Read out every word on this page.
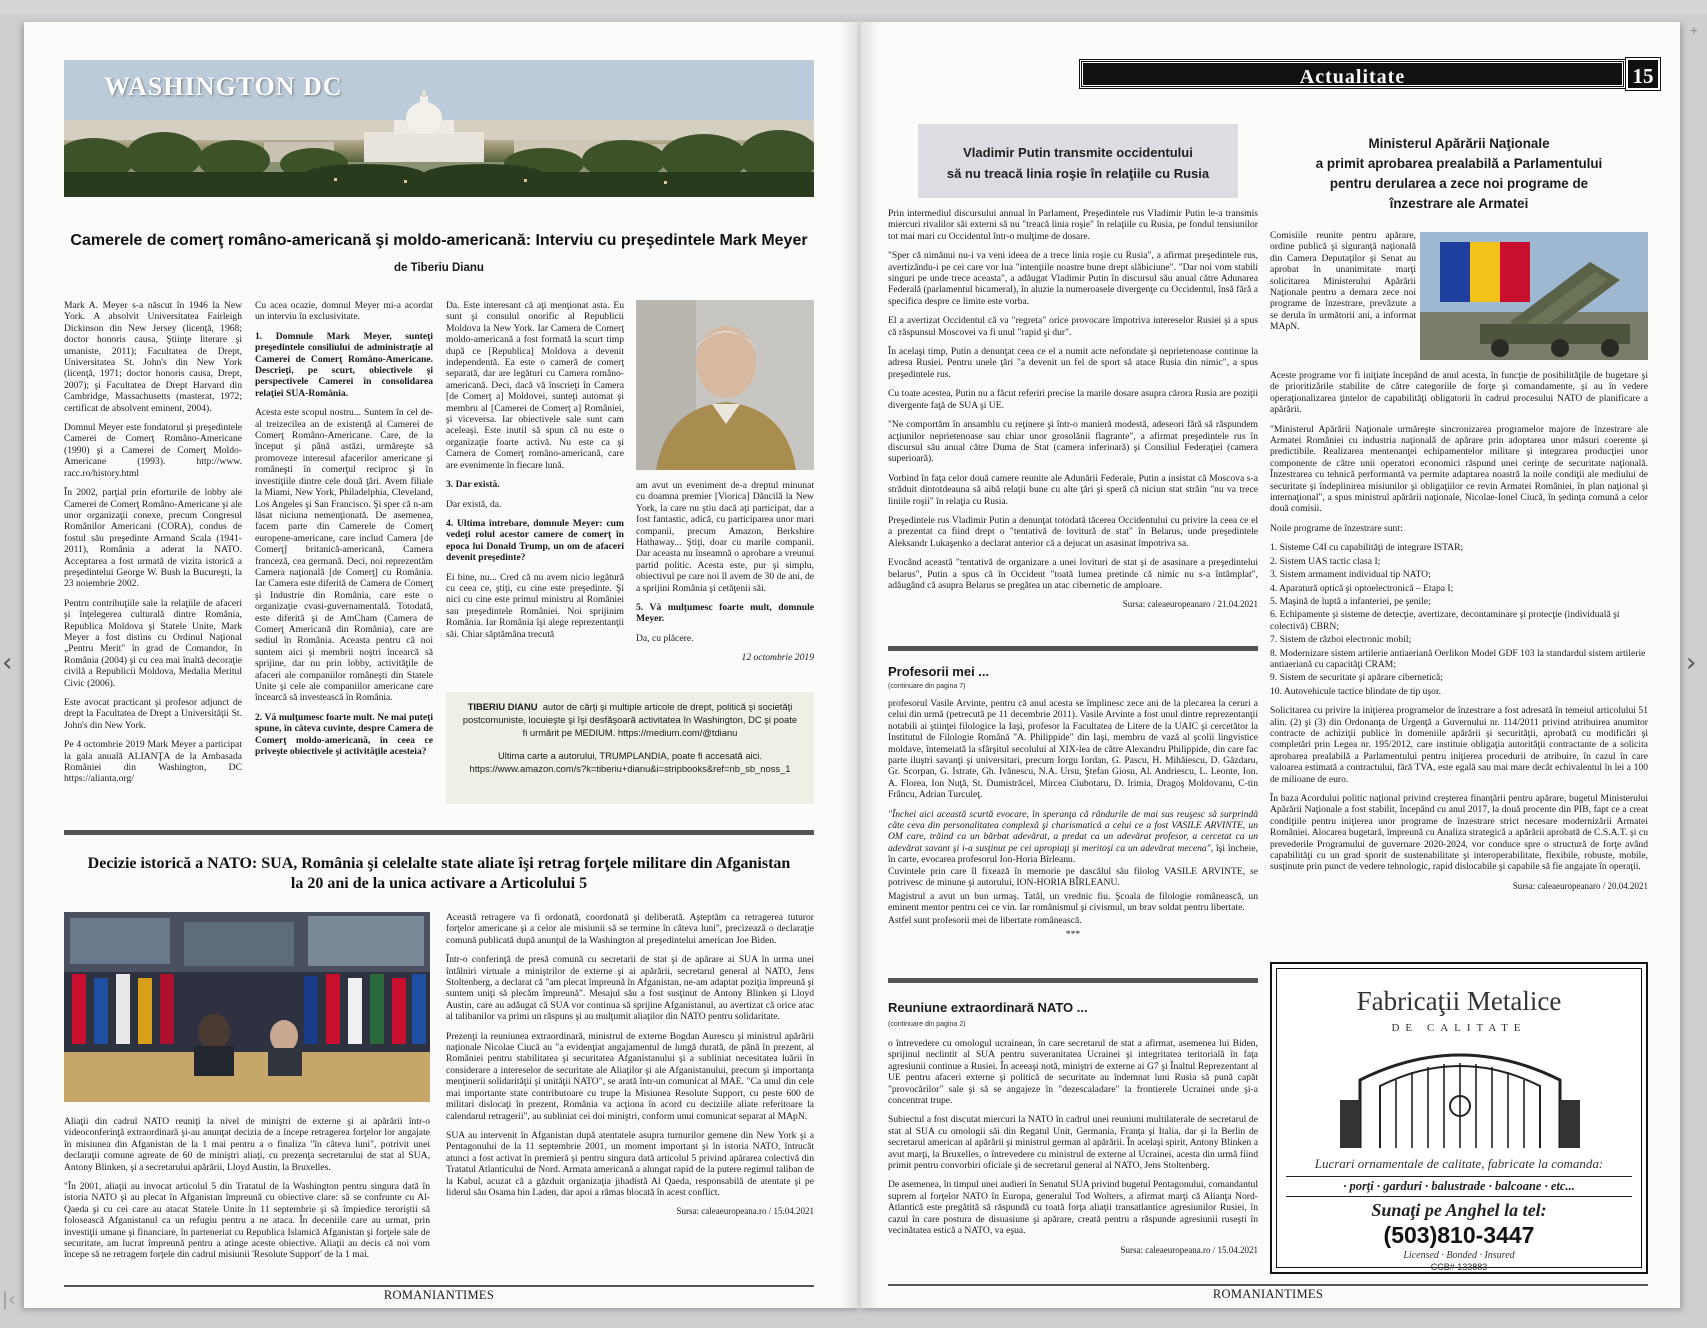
+
WASHINGTON DC
Camerele de comerţ româno-americană şi moldo-americană: Interviu cu preşedintele Mark Meyer
de Tiberiu Dianu

Mark A. Meyer s-a născut în 1946 la New York. A absolvit Universitatea Fairleigh Dickinson din New Jersey (licenţă, 1968; doctor honoris causa, Ştiinţe literare şi umaniste, 2011); Facultatea de Drept, Universitatea St. John's din New York (licenţă, 1971; doctor honoris causa, Drept, 2007); şi Facultatea de Drept Harvard din Cambridge, Massachusetts (masterat, 1972; certificat de absolvent eminent, 2004).

Domnul Meyer este fondatorul şi preşedintele Camerei de Comerţ Româno-Americane (1990) şi a Camerei de Comerţ Moldo-Americane (1993). http://www. racc.ro/history.html

În 2002, parţial prin eforturile de lobby ale Camerei de Comerţ Româno-Americane şi ale unor organizaţii conexe, precum Congresul Românilor Americani (CORA), condus de fostul său preşedinte Armand Scala (1941-2011), România a aderat la NATO. Acceptarea a fost urmată de vizita istorică a preşedintelui George W. Bush la Bucureşti, la 23 noiembrie 2002.

Pentru contribuţiile sale la relaţiile de afaceri şi înţelegerea culturală dintre România, Republica Moldova şi Statele Unite, Mark Meyer a fost distins cu Ordinul Naţional „Pentru Merit" în grad de Comandor, în România (2004) şi cu cea mai înaltă decoraţie civilă a Republicii Moldova, Medalia Meritul Civic (2006).

Este avocat practicant şi profesor adjunct de drept la Facultatea de Drept a Universităţii St. John's din New York.

Pe 4 octombrie 2019 Mark Meyer a participat la gala anuală ALIANŢA de la Ambasada României din Washington, DC https://alianta.org/

Cu acea ocazie, domnul Meyer mi-a acordat un interviu în exclusivitate.

1. Domnule Mark Meyer, sunteţi preşedintele consiliului de administraţie al Camerei de Comerţ Româno-Americane. Descrieţi, pe scurt, obiectivele şi perspectivele Camerei în consolidarea relaţiei SUA-România.

Acesta este scopul nostru... Suntem în cel de-al treizecilea an de existenţă al Camerei de Comerţ Româno-Americane. Care, de la început şi până astăzi, urmăreşte să promoveze interesul afacerilor americane şi româneşti în comerţul reciproc şi în investiţiile dintre cele două ţări. Avem filiale la Miami, New York, Philadelphia, Cleveland, Los Angeles şi San Francisco. Şi sper că n-am lăsat niciuna nemenţionată. De asemenea, facem parte din Camerele de Comerţ europene-americane, care includ Camera [de Comerţ] britanică-americană, Camera franceză, cea germană. Deci, noi reprezentăm Camera naţională [de Comerţ] cu România. Iar Camera este diferită de Camera de Comerţ şi Industrie din România, care este o organizaţie cvasi-guvernamentală. Totodată, este diferită şi de AmCham (Camera de Comerţ Americană din România), care are sediul în România. Aceasta pentru că noi suntem aici şi membrii noştri încearcă să sprijine, dar nu prin lobby, activităţile de afaceri ale companiilor româneşti din Statele Unite şi cele ale companiilor americane care încearcă să investească în România.

2. Vă mulţumesc foarte mult. Ne mai puteţi spune, în câteva cuvinte, despre Camera de Comerţ moldo-americană, în ceea ce priveşte obiectivele şi activităţile acesteia?

Da. Este interesant că aţi menţionat asta. Eu sunt şi consulul onorific al Republicii Moldova la New York. Iar Camera de Comerţ moldo-americană a fost formată la scurt timp după ce [Republica] Moldova a devenit independentă. Ea este o cameră de comerţ separată, dar are legături cu Camera româno-americană. Deci, dacă vă înscrieţi în Camera [de Comerţ a] Moldovei, sunteţi automat şi membru al [Camerei de Comerţ a] României, şi viceversa. Iar obiectivele sale sunt cam aceleaşi. Este inutil să spun că nu este o organizaţie foarte activă. Nu este ca şi Camera de Comerţ româno-americană, care are evenimente în fiecare lună.

3. Dar există.

Dar există, da.

4. Ultima întrebare, domnule Meyer: cum vedeţi rolul acestor camere de comerţ în epoca lui Donald Trump, un om de afaceri devenit preşedinte?

Ei bine, nu... Cred că nu avem nicio legătură cu ceea ce, ştiţi, cu cine este preşedinte. Şi nici cu cine este primul ministru al României sau preşedintele României. Noi sprijinim România. Iar România îşi alege reprezentanţii săi. Chiar săptămâna trecută

am avut un eveniment de-a dreptul minunat cu doamna premier [Viorica] Dăncilă la New York, la care nu ştiu dacă aţi participat, dar a fost fantastic, adică, cu participarea unor mari companii, precum Amazon, Berkshire Hathaway... Ştiţi, doar cu marile companii. Dar aceasta nu înseamnă o aprobare a vreunui partid politic. Acesta este, pur şi simplu, obiectivul pe care noi îl avem de 30 de ani, de a sprijini România şi cetăţenii săi.

5. Vă mulţumesc foarte mult, domnule Meyer.

Da, cu plăcere.

12 octombrie 2019

TIBERIU DIANU autor de cărţi şi multiple articole de drept, politică şi societăţi postcomuniste, locuieşte şi îşi desfăşoară activitatea în Washington, DC şi poate fi urmărit pe MEDIUM. https://medium.com/@tdianu
Ultima carte a autorului, TRUMPLANDIA, poate fi accesată aici. https://www.amazon.com/s?k=tiberiu+dianu&i=stripbooks&ref=nb_sb_noss_1
Decizie istorică a NATO: SUA, România şi celelalte state aliate îşi retrag forţele militare din Afganistan
la 20 ani de la unica activare a Articolului 5

Aliaţii din cadrul NATO reuniţi la nivel de miniştri de externe şi ai apărării într-o videoconferinţă extraordinară şi-au anunţat decizia de a începe retragerea forţelor lor angajate în misiunea din Afganistan de la 1 mai pentru a o finaliza "în câteva luni", potrivit unei declaraţii comune agreate de 60 de miniştri aliaţi, cu prezenţa secretarului de stat al SUA, Antony Blinken, şi a secretarului apărării, Lloyd Austin, la Bruxelles.

"În 2001, aliaţii au invocat articolul 5 din Tratatul de la Washington pentru singura dată în istoria NATO şi au plecat în Afganistan împreună cu obiective clare: să se confrunte cu Al-Qaeda şi cu cei care au atacat Statele Unite în 11 septembrie şi să împiedice teroriştii să folosească Afganistanul ca un refugiu pentru a ne ataca. În deceniile care au urmat, prin investiţii umane şi financiare, în parteneriat cu Republica Islamică Afganistan şi forţele sale de securitate, am lucrat împreună pentru a atinge aceste obiective. Aliaţii au decis că noi vom începe să ne retragem forţele din cadrul misiunii 'Resolute Support' de la 1 mai.

Această retragere va fi ordonată, coordonată şi deliberată. Aşteptăm ca retragerea tuturor forţelor americane şi a celor ale misiunii să se termine în câteva luni", precizează o declaraţie comună publicată după anunţul de la Washington al preşedintelui american Joe Biden.

Într-o conferinţă de presă comună cu secretarii de stat şi de apărare ai SUA în urma unei întâlniri virtuale a miniştrilor de externe şi ai apărării, secretarul general al NATO, Jens Stoltenberg, a declarat că "am plecat împreună în Afganistan, ne-am adaptat poziţia împreună şi suntem uniţi să plecăm împreună". Mesajul său a fost susţinut de Antony Blinken şi Lloyd Austin, care au adăugat că SUA vor continua să sprijine Afganistanul, au avertizat că orice atac al talibanilor va primi un răspuns şi au mulţumit aliaţilor din NATO pentru solidaritate.

Prezenţi la reuniunea extraordinară, ministrul de externe Bogdan Aurescu şi ministrul apărării naţionale Nicolae Ciucă au "a evidenţiat angajamentul de lungă durată, de până în prezent, al României pentru stabilitatea şi securitatea Afganistanului şi a subliniat necesitatea luării în considerare a intereselor de securitate ale Aliaţilor şi ale Afganistanului, precum şi importanţa menţinerii solidarităţii şi unităţii NATO", se arată într-un comunicat al MAE. "Ca unul din cele mai importante state contributoare cu trupe la Misiunea Resolute Support, cu peste 600 de militari dislocaţi în prezent, România va acţiona în acord cu deciziile aliate referitoare la calendarul retragerii", au subliniat cei doi miniştri, conform unui comunicat separat al MApN.

SUA au intervenit în Afganistan după atentatele asupra turnurilor gemene din New York şi a Pentagonului de la 11 septembrie 2001, un moment important şi în istoria NATO, întrucât atunci a fost activat în premieră şi pentru singura dată articolul 5 privind apărarea colectivă din Tratatul Atlanticului de Nord. Armata americană a alungat rapid de la putere regimul taliban de la Kabul, acuzat că a găzduit organizaţia jihadistă Al Qaeda, responsabilă de atentate şi pe liderul său Osama bin Laden, dar apoi a rămas blocată în acest conflict.

Sursa: caleaeuropeana.ro / 15.04.2021

ROMANIANTIMES
Actualitate	15
Vladimir Putin transmite occidentului
să nu treacă linia roşie în relaţiile cu Rusia

Prin intermediul discursului annual în Parlament, Preşedintele rus Vladimir Putin le-a transmis miercuri rivalilor săi externi să nu "treacă linia roşie" în relaţiile cu Rusia, pe fondul tensiunilor tot mai mari cu Occidentul într-o mulţime de dosare.

"Sper că nimănui nu-i va veni ideea de a trece linia roşie cu Rusia", a afirmat preşedintele rus, avertizându-i pe cei care vor lua "intenţiile noastre bune drept slăbiciune". "Dar noi vom stabili singuri pe unde trece aceasta", a adăugat Vladimir Putin în discursul său anual către Adunarea Federală (parlamentul bicameral), în aluzie la numeroasele divergenţe cu Occidentul, însă fără a specifica despre ce limite este vorba.

El a avertizat Occidentul că va "regreta" orice provocare împotriva intereselor Rusiei şi a spus că răspunsul Moscovei va fi unul "rapid şi dur".

În acelaşi timp, Putin a denunţat ceea ce el a numit acte nefondate şi neprietenoase continue la adresa Rusiei. Pentru unele ţări "a devenit un fel de sport să atace Rusia din nimic", a spus preşedintele rus.

Cu toate acestea, Putin nu a făcut referiri precise la marile dosare asupra cărora Rusia are poziţii divergente faţă de SUA şi UE.

"Ne comportăm în ansamblu cu reţinere şi într-o manieră modestă, adeseori fără să răspundem acţiunilor neprietenoase sau chiar unor grosolănii flagrante", a afirmat preşedintele rus în discursul său anual către Duma de Stat (camera inferioară) şi Consiliul Federaţiei (camera superioară).

Vorbind în faţa celor două camere reunite ale Adunării Federale, Putin a insistat că Moscova s-a străduit dintotdeauna să aibă relaţii bune cu alte ţări şi speră că niciun stat străin "nu va trece liniile roşii" în relaţia cu Rusia.

Preşedintele rus Vladimir Putin a denunţat totodată tăcerea Occidentului cu privire la ceea ce el a prezentat ca fiind drept o "tentativă de lovitură de stat" în Belarus, unde preşedintele Aleksandr Lukaşenko a declarat anterior că a dejucat un asasinat împotriva sa.

Evocând această "tentativă de organizare a unei lovituri de stat şi de asasinare a preşedintelui belarus", Putin a spus că în Occident "toată lumea pretinde că nimic nu s-a întâmplat", adăugând că asupra Belarus se pregătea un atac cibernetic de amploare.

Sursa: caleaeuropeanaro / 21.04.2021

Profesorii mei ...
(continuare din pagina 7)

profesorul Vasile Arvinte, pentru că anul acesta se împlinesc zece ani de la plecarea la ceruri a celui din urmă (petrecută pe 11 decembrie 2011). Vasile Arvinte a fost unul dintre reprezentanţii notabili ai ştiinţei filologice la Iaşi, profesor la Facultatea de Litere de la UAIC şi cercetător la Institutul de Filologie Română "A. Philippide" din Iaşi, membru de vază al şcolii lingvistice moldave, întemeiată la sfârşitul secolului al XIX-lea de către Alexandru Philippide, din care fac parte iluştri savanţi şi universitari, precum Iorgu Iordan, G. Pascu, H. Mihăiescu, D. Găzdaru, Gr. Scorpan, G. Istrate, Gh. Ivănescu, N.A. Ursu, Ştefan Giosu, Al. Andriescu, L. Leonte, Ion. A. Florea, Ion Nuţă, St. Dumistrăcel, Mircea Ciubotaru, D. Irimia, Dragoş Moldovanu, C-tin Frâncu, Adrian Turculeţ.

"Închei aici această scurtă evocare, în speranţa că rândurile de mai sus reuşesc să surprindă câte ceva din personalitatea complexă şi charismatică a celui ce a fost VASILE ARVINTE, un OM care, trăind ca un bărbat adevărat, a predat ca un adevărat profesor, a cercetat ca un adevărat savant şi i-a susţinut pe cei apropiaţi şi meritoşi ca un adevărat mecena", îşi încheie, în carte, evocarea profesorul Ion-Horia Bîrleanu.

Cuvintele prin care îl fixează în memorie pe dascălul său filolog VASILE ARVINTE, se potrivesc de minune şi autorului, ION-HORIA BÎRLEANU.

Magistrul a avut un bun urmaş. Tatăl, un vrednic fiu. Şcoala de filologie românească, un eminent mentor pentru cei ce vin. Iar românismul şi civismul, un brav soldat pentru libertate.

Astfel sunt profesorii mei de libertate românească.

***

Reuniune extraordinară NATO ...
(continuare din pagina 2)

o întrevedere cu omologul ucrainean, în care secretarul de stat a afirmat, asemenea lui Biden, sprijinul neclintit al SUA pentru suveranitatea Ucrainei şi integritatea teritorială în faţa agresiunii continue a Rusiei. În aceeaşi notă, miniştri de externe ai G7 şi Înaltul Reprezentant al UE pentru afaceri externe şi politică de securitate au îndemnat luni Rusia să pună capăt "provocărilor" sale şi să se angajeze în "dezescaladare" la frontierele Ucrainei unde şi-a concentrat trupe.

Subiectul a fost discutat miercuri la NATO în cadrul unei reuniuni multilaterale de secretarul de stat al SUA cu omologii săi din Regatul Unit, Germania, Franţa şi Italia, dar şi la Berlin de secretarul american al apărării şi ministrul german al apărării. În acelaşi spirit, Antony Blinken a avut marţi, la Bruxelles, o întrevedere cu ministrul de externe al Ucrainei, acesta din urmă fiind primit pentru convorbiri oficiale şi de secretarul general al NATO, Jens Stoltenberg.

De asemenea, în timpul unei audieri în Senatul SUA privind bugetul Pentagonului, comandantul suprem al forţelor NATO în Europa, generalul Tod Wolters, a afirmat marţi că Alianţa Nord-Atlantică este pregătită să răspundă cu toată forţa aliaţii transatlantice agresiunilor Rusiei, în cazul în care postura de disuasiune şi apărare, creată pentru a răspunde agresiunii ruseşti în vecinătatea estică a NATO, va eşua.

Sursa: caleaeuropeana.ro / 15.04.2021

Ministerul Apărării Naţionale
a primit aprobarea prealabilă a Parlamentului
pentru derularea a zece noi programe de
înzestrare ale Armatei

Comisiile reunite pentru apărare, ordine publică şi siguranţă naţională din Camera Deputaţilor şi Senat au aprobat în unanimitate marţi solicitarea Ministerului Apărării Naţionale pentru a demara zece noi programe de înzestrare, prevăzute a se derula în următorii ani, a informat MApN.

Aceste programe vor fi iniţiate începând de anul acesta, în funcţie de posibilităţile de bugetare şi de prioritizările stabilite de către categoriile de forţe şi comandamente, şi au în vedere operaţionalizarea ţintelor de capabilităţi obligatorii în cadrul procesului NATO de planificare a apărării.

"Ministerul Apărării Naţionale urmăreşte sincronizarea programelor majore de înzestrare ale Armatei României cu industria naţională de apărare prin adoptarea unor măsuri coerente şi predictibile. Realizarea mentenanţei echipamentelor militare şi integrarea producţiei unor componente de către unii operatori economici răspund unei cerinţe de securitate naţională. Înzestrarea cu tehnică performantă va permite adaptarea noastră la noile condiţii ale mediului de securitate şi îndeplinirea misiunilor şi obligaţiilor ce revin Armatei României, în plan naţional şi internaţional", a spus ministrul apărării naţionale, Nicolae-Ionel Ciucă, în şedinţa comună a celor două comisii.

Noile programe de înzestrare sunt:

1. Sisteme C4I cu capabilităţi de integrare ISTAR;

2. Sistem UAS tactic clasa I;

3. Sistem armament individual tip NATO;

4. Aparatură optică şi optoelectronică – Etapa I;

5. Maşină de luptă a infanteriei, pe şenile;

6. Echipamente şi sisteme de detecţie, avertizare, decontaminare şi protecţie (individuală şi colectivă) CBRN;

7. Sistem de război electronic mobil;

8. Modernizare sistem artilerie antiaeriană Oerlikon Model GDF 103 la standardul sistem artilerie antiaeriană cu capacităţi CRAM;

9. Sistem de securitate şi apărare cibernetică;

10. Autovehicule tactice blindate de tip uşor.

Solicitarea cu privire la iniţierea programelor de înzestrare a fost adresată în temeiul articolului 51 alin. (2) şi (3) din Ordonanţa de Urgenţă a Guvernului nr. 114/2011 privind atribuirea anumitor contracte de achiziţii publice în domeniile apărării şi securităţii, aprobată cu modificări şi completări prin Legea nr. 195/2012, care instituie obligaţia autorităţii contractante de a solicita aprobarea prealabilă a Parlamentului pentru iniţierea procedurii de atribuire, în cazul în care valoarea estimată a contractului, fără TVA, este egală sau mai mare decât echivalentul în lei a 100 de milioane de euro.

În baza Acordului politic naţional privind creşterea finanţării pentru apărare, bugetul Ministerului Apărării Naţionale a fost stabilit, începând cu anul 2017, la două procente din PIB, fapt ce a creat condiţiile pentru iniţierea unor programe de înzestrare strict necesare modernizării Armatei României. Alocarea bugetară, împreună cu Analiza strategică a apărării aprobată de C.S.A.T. şi cu prevederile Programului de guvernare 2020-2024, vor conduce spre o structură de forţe având capabilităţi cu un grad sporit de sustenabilitate şi interoperabilitate, flexibile, robuste, mobile, susţinute prin punct de vedere tehnologic, rapid dislocabile şi capabile să fie angajate în operaţii.

Sursa: caleaeuropeanaro / 20.04.2021

Fabricaţii Metalice
DE CALITATE
Lucrari ornamentale de calitate, fabricate la comanda:
· porţi · garduri · balustrade · balcoane · etc...
Sunaţi pe Anghel la tel:
(503)810-3447
Licensed · Bonded · Insured
CCB# 133883
ROMANIANTIMES
‹	›
|‹
